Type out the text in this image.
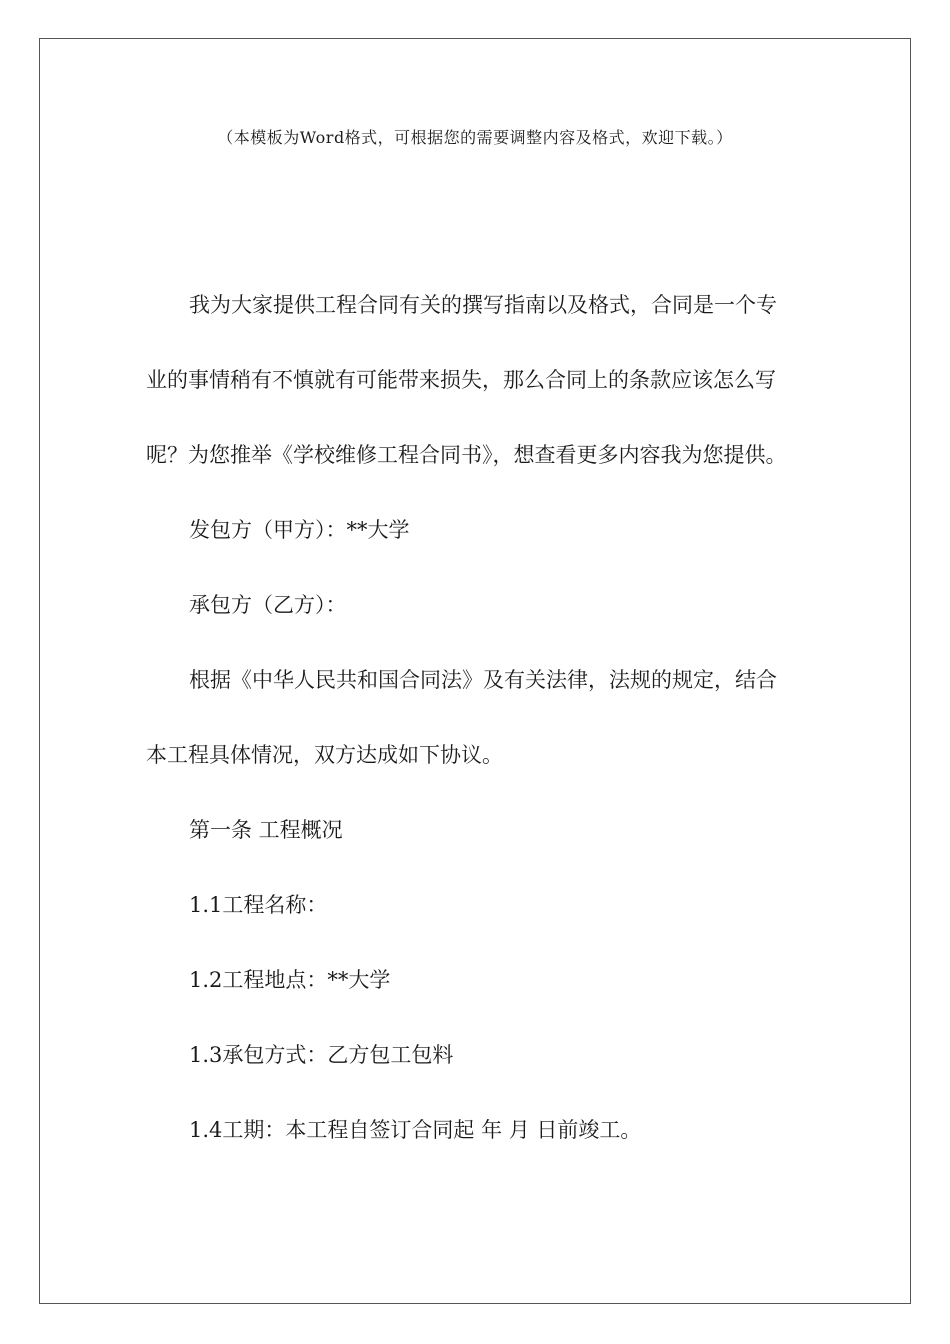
（本模板为Word格式，可根据您的需要调整内容及格式，欢迎下载。）

我为大家提供工程合同有关的撰写指南以及格式，合同是一个专业的事情稍有不慎就有可能带来损失，那么合同上的条款应该怎么写呢？为您推举《学校维修工程合同书》，想查看更多内容我为您提供。

发包方（甲方）：**大学

承包方（乙方）：

根据《中华人民共和国合同法》及有关法律，法规的规定，结合本工程具体情况，双方达成如下协议。

第一条 工程概况

1.1工程名称：

1.2工程地点：**大学

1.3承包方式：乙方包工包料

1.4工期：本工程自签订合同起 年 月 日前竣工。
